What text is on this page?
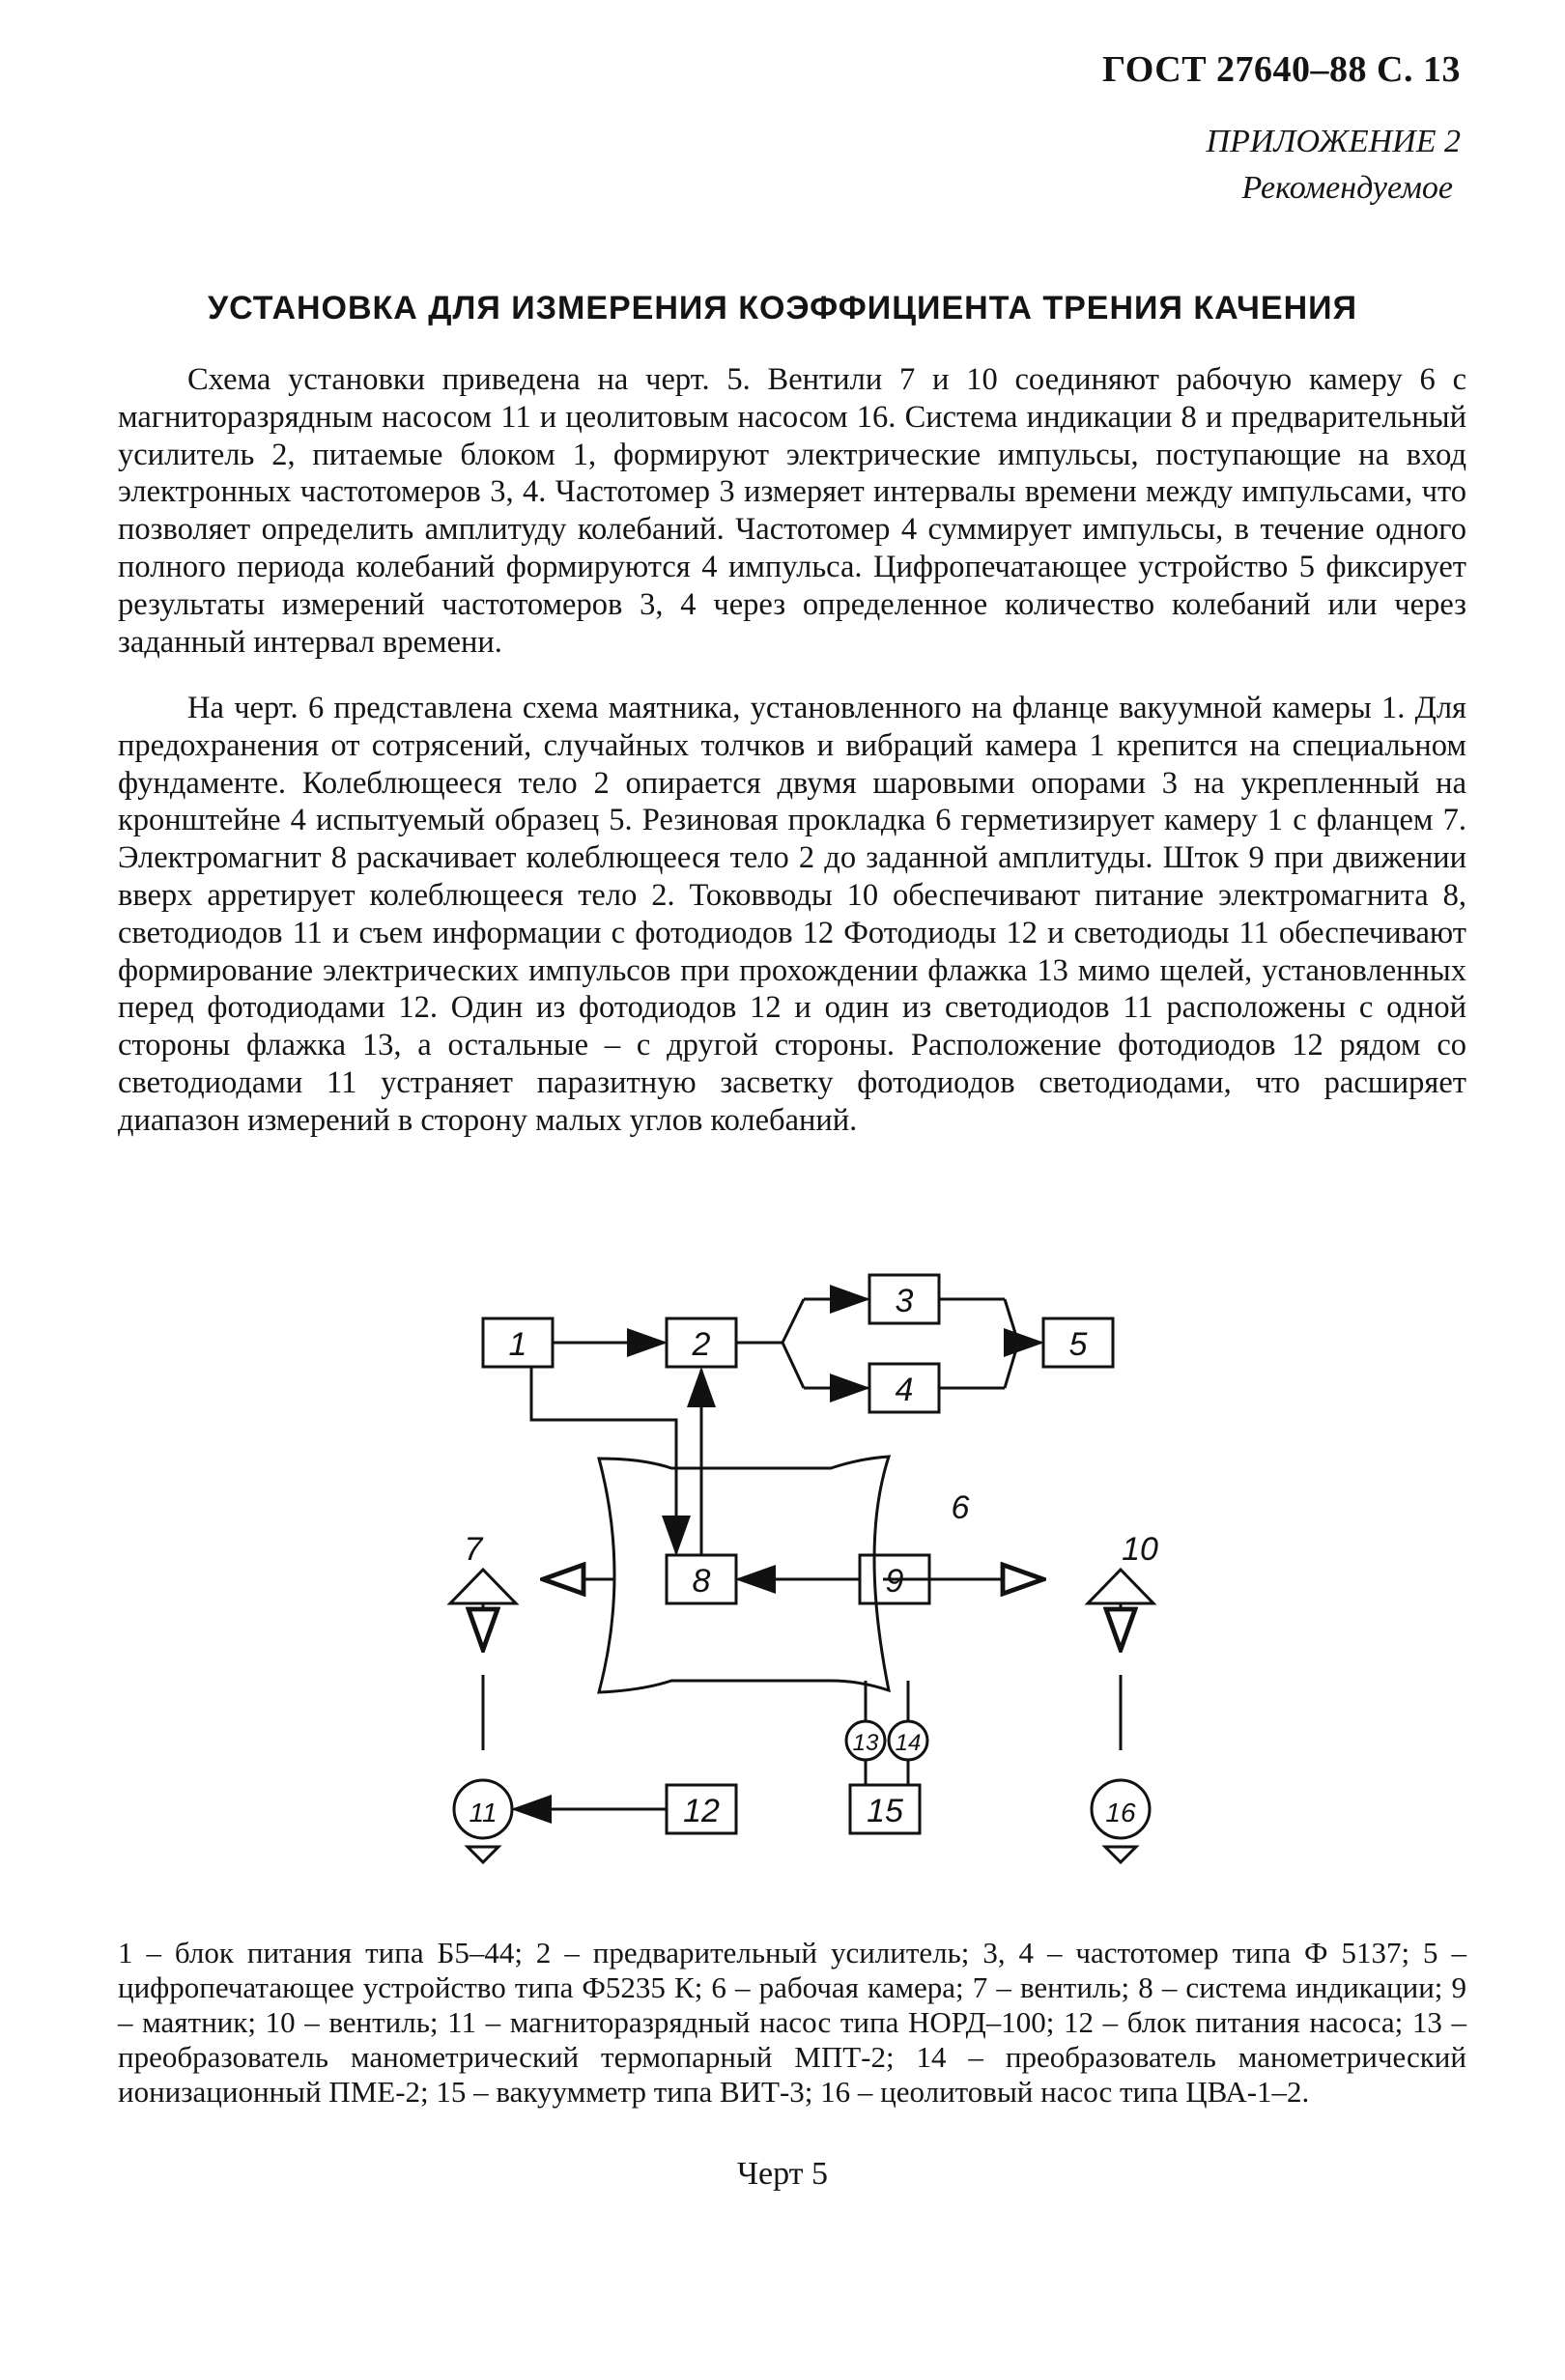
ГОСТ 27640–88 С. 13
ПРИЛОЖЕНИЕ 2
Рекомендуемое
УСТАНОВКА ДЛЯ ИЗМЕРЕНИЯ КОЭФФИЦИЕНТА ТРЕНИЯ КАЧЕНИЯ

Схема установки приведена на черт. 5. Вентили 7 и 10 соединяют рабочую камеру 6 с магниторазрядным насосом 11 и цеолитовым насосом 16. Система индикации 8 и предварительный усилитель 2, питаемые блоком 1, формируют электрические импульсы, поступающие на вход электронных частотомеров 3, 4. Частотомер 3 измеряет интервалы времени между импульсами, что позволяет определить амплитуду колебаний. Частотомер 4 суммирует импульсы, в течение одного полного периода колебаний формируются 4 импульса. Цифропечатающее устройство 5 фиксирует результаты измерений частотомеров 3, 4 через определенное количество колебаний или через заданный интервал времени.

На черт. 6 представлена схема маятника, установленного на фланце вакуумной камеры 1. Для предохранения от сотрясений, случайных толчков и вибраций камера 1 крепится на специальном фундаменте. Колеблющееся тело 2 опирается двумя шаровыми опорами 3 на укрепленный на кронштейне 4 испытуемый образец 5. Резиновая прокладка 6 герметизирует камеру 1 с фланцем 7. Электромагнит 8 раскачивает колеблющееся тело 2 до заданной амплитуды. Шток 9 при движении вверх арретирует колеблющееся тело 2. Токовводы 10 обеспечивают питание электромагнита 8, светодиодов 11 и съем информации с фотодиодов 12 Фотодиоды 12 и светодиоды 11 обеспечивают формирование электрических импульсов при прохождении флажка 13 мимо щелей, установленных перед фотодиодами 12. Один из фотодиодов 12 и один из светодиодов 11 расположены с одной стороны флажка 13, а остальные – с другой стороны. Расположение фотодиодов 12 рядом со светодиодами 11 устраняет паразитную засветку фотодиодов светодиодами, что расширяет диапазон измерений в сторону малых углов колебаний.

1	2
3
4
5
6
7
8	9
10
11	12
13 14
15	16

1 – блок питания типа Б5–44; 2 – предварительный усилитель; 3, 4 – частотомер типа Ф 5137; 5 – цифропечатающее устройство типа Ф5235 К; 6 – рабочая камера; 7 – вентиль; 8 – система индикации; 9 – маятник; 10 – вентиль; 11 – магниторазрядный насос типа НОРД–100; 12 – блок питания насоса; 13 – преобразователь манометрический термопарный МПТ-2; 14 – преобразователь манометрический ионизационный ПМЕ-2; 15 – вакуумметр типа ВИТ-3; 16 – цеолитовый насос типа ЦВА-1–2.

Черт 5
